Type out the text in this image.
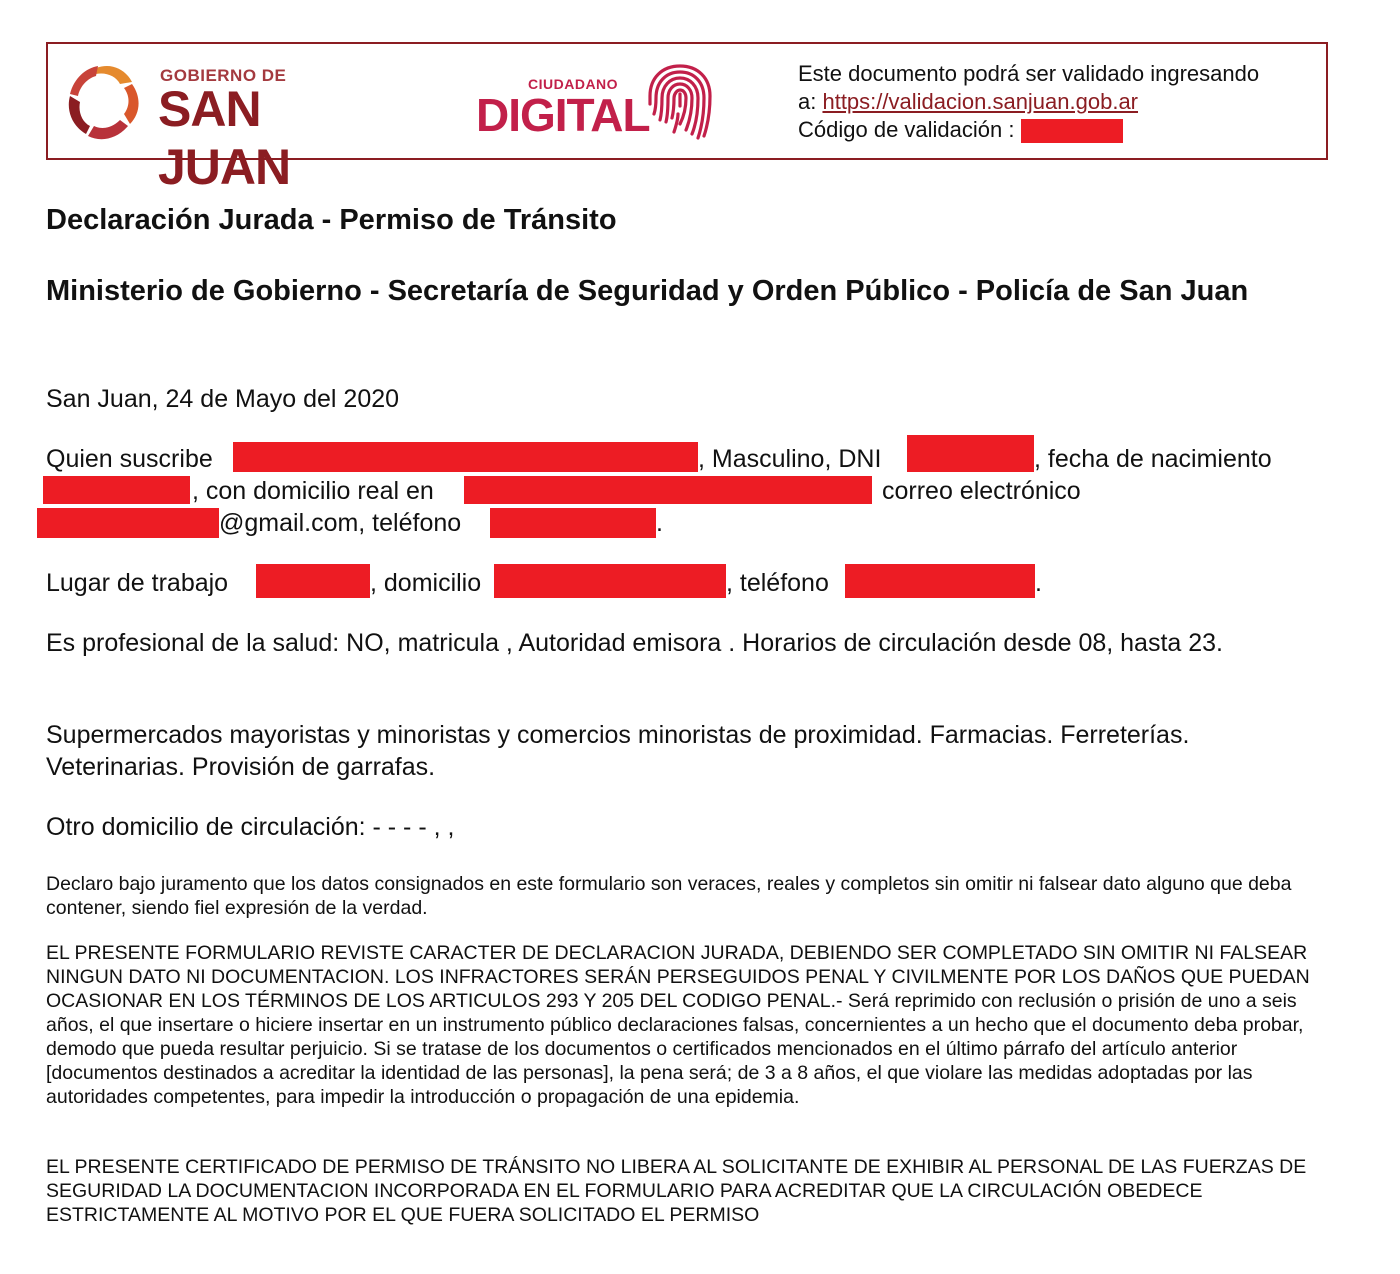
GOBIERNO DE
SAN JUAN
CIUDADANO
DIGITAL
Este documento podrá ser validado ingresando
a: https://validacion.sanjuan.gob.ar
Código de validación :
Declaración Jurada - Permiso de Tránsito
Ministerio de Gobierno - Secretaría de Seguridad y Orden Público - Policía de San Juan
San Juan, 24 de Mayo del 2020
Quien suscribe	, Masculino, DNI	, fecha de nacimiento
, con domicilio real en	correo electrónico
@gmail.com, teléfono	.
Lugar de trabajo	, domicilio	, teléfono	.
Es profesional de la salud: NO, matricula , Autoridad emisora . Horarios de circulación desde 08, hasta 23.
Supermercados mayoristas y minoristas y comercios minoristas de proximidad. Farmacias. Ferreterías. Veterinarias. Provisión de garrafas.
Otro domicilio de circulación: - - - - , ,
Declaro bajo juramento que los datos consignados en este formulario son veraces, reales y completos sin omitir ni falsear dato alguno que deba contener, siendo fiel expresión de la verdad.
EL PRESENTE FORMULARIO REVISTE CARACTER DE DECLARACION JURADA, DEBIENDO SER COMPLETADO SIN OMITIR NI FALSEAR NINGUN DATO NI DOCUMENTACION. LOS INFRACTORES SERÁN PERSEGUIDOS PENAL Y CIVILMENTE POR LOS DAÑOS QUE PUEDAN OCASIONAR EN LOS TÉRMINOS DE LOS ARTICULOS 293 Y 205 DEL CODIGO PENAL.- Será reprimido con reclusión o prisión de uno a seis años, el que insertare o hiciere insertar en un instrumento público declaraciones falsas, concernientes a un hecho que el documento deba probar, demodo que pueda resultar perjuicio. Si se tratase de los documentos o certificados mencionados en el último párrafo del artículo anterior [documentos destinados a acreditar la identidad de las personas], la pena será; de 3 a 8 años, el que violare las medidas adoptadas por las autoridades competentes, para impedir la introducción o propagación de una epidemia.
EL PRESENTE CERTIFICADO DE PERMISO DE TRÁNSITO NO LIBERA AL SOLICITANTE DE EXHIBIR AL PERSONAL DE LAS FUERZAS DE SEGURIDAD LA DOCUMENTACION INCORPORADA EN EL FORMULARIO PARA ACREDITAR QUE LA CIRCULACIÓN OBEDECE ESTRICTAMENTE AL MOTIVO POR EL QUE FUERA SOLICITADO EL PERMISO
